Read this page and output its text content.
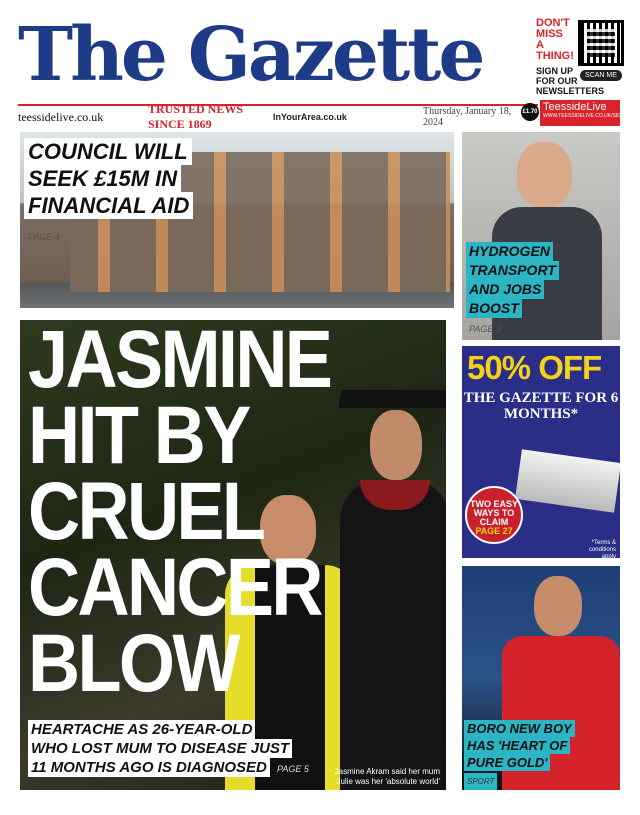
The Gazette	DON'T MISS A THING!
SIGN UP FOR OUR NEWSLETTERS
SCAN ME
teessidelive.co.uk
TRUSTED NEWS SINCE 1869	InYourArea.co.uk	Thursday, January 18, 2024
£1.70 TeessideLive
WWW.TEESSIDELIVE.CO.UK/SIGNUP
COUNCIL WILL
SEEK £15M IN
FINANCIAL AID
PAGE 4
HYDROGEN
TRANSPORT
AND JOBS
BOOST
PAGE 3
JASMINE HIT BY CRUEL CANCER BLOW
HEARTACHE AS 26-YEAR-OLD
WHO LOST MUM TO DISEASE JUST
11 MONTHS AGO IS DIAGNOSED PAGE 5	Jasmine Akram said her mum Julie was her 'absolute world'
50% OFF
THE GAZETTE FOR 6 MONTHS*
TWO EASY WAYS TO CLAIM
PAGE 27
*Terms & conditions apply
BORO NEW BOY
HAS 'HEART OF
PURE GOLD'
SPORT
